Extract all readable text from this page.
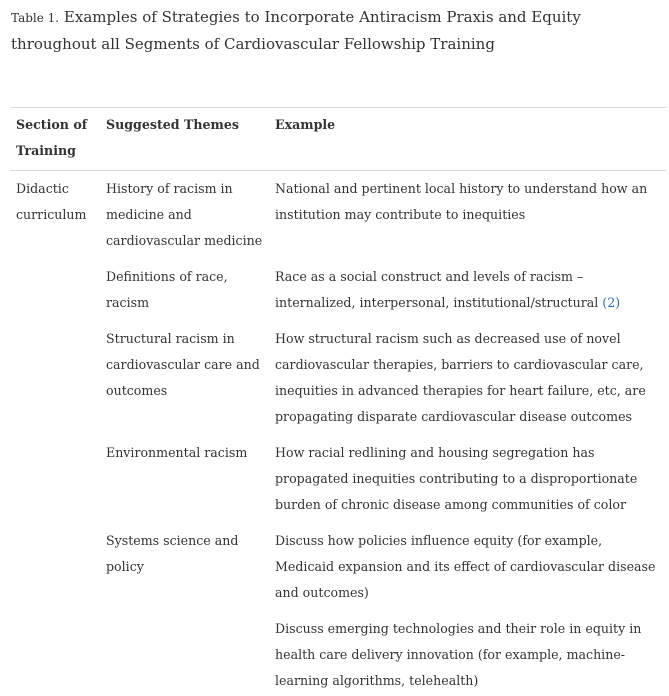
Table 1. Examples of Strategies to Incorporate Antiracism Praxis and Equity throughout all Segments of Cardiovascular Fellowship Training
Section of Training
Suggested Themes	Example
Didactic curriculum
History of racism in medicine and cardiovascular medicine
National and pertinent local history to understand how an institution may contribute to inequities
Definitions of race, racism
Race as a social construct and levels of racism – internalized, interpersonal, institutional/structural (2)
Structural racism in cardiovascular care and outcomes
How structural racism such as decreased use of novel cardiovascular therapies, barriers to cardiovascular care, inequities in advanced therapies for heart failure, etc, are propagating disparate cardiovascular disease outcomes
Environmental racism	How racial redlining and housing segregation has propagated inequities contributing to a disproportionate burden of chronic disease among communities of color
Systems science and policy
Discuss how policies influence equity (for example, Medicaid expansion and its effect of cardiovascular disease and outcomes)
Discuss emerging technologies and their role in equity in health care delivery innovation (for example, machine-learning algorithms, telehealth)
